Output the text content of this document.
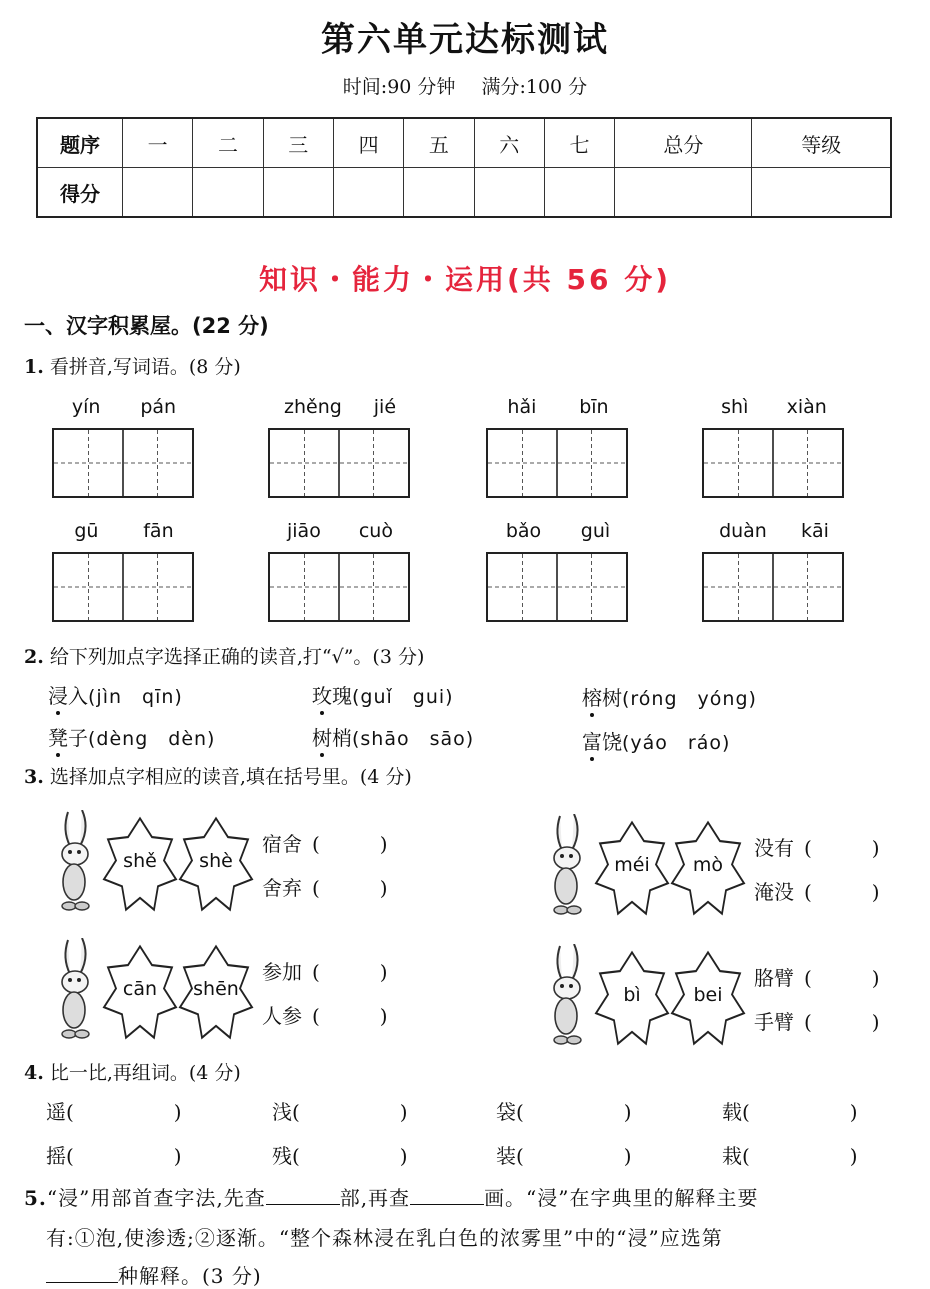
第六单元达标测试
时间:90 分钟 满分:100 分
题序	一	二	三	四	五	六	七	总分	等级
得分									
知识・能力・运用(共 56 分)
一、汉字积累屋。(22 分)
1. 看拼音,写词语。(8 分)
yín pán	zhěng jié	hǎi bīn	shì xiàn
gū fān	jiāo cuò	bǎo guì	duàn kāi
2. 给下列加点字选择正确的读音,打“√”。(3 分)
浸入(jìn　qīn)	玫瑰(guǐ　gui)	榕树(róng　yóng)
凳子(dèng　dèn)	树梢(shāo　sāo)	富饶(yáo　ráo)
3. 选择加点字相应的读音,填在括号里。(4 分)
shě	shè
宿舍 (　　　)
舍弃 (　　　)
méi	mò
没有 (　　　)
淹没 (　　　)
cān	shēn
参加 (　　　)
人参 (　　　)
bì	bei
胳臂 (　　　)
手臂 (　　　)
4. 比一比,再组词。(4 分)
遥(　　　　　)	浅(　　　　　)	袋(　　　　　)	载(　　　　　)
摇(　　　　　)	残(　　　　　)	装(　　　　　)	栽(　　　　　)
5.“浸”用部首查字法,先查	部,再查	画。“浸”在字典里的解释主要
有:①泡,使渗透;②逐渐。“整个森林浸在乳白色的浓雾里”中的“浸”应选第
种解释。(3 分)
